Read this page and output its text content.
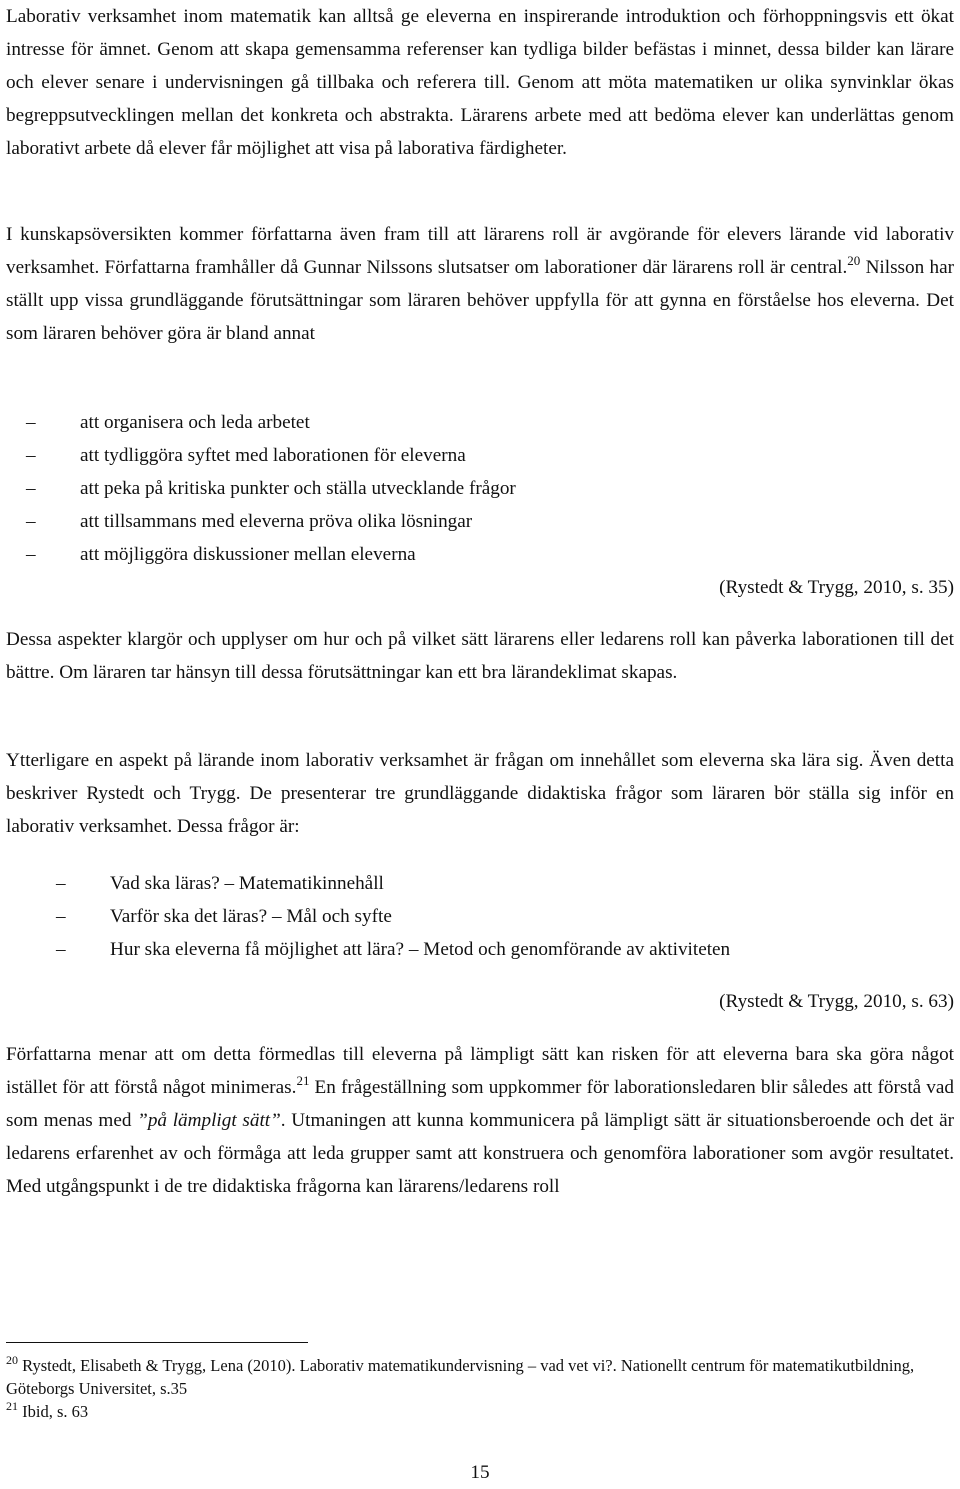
Laborativ verksamhet inom matematik kan alltså ge eleverna en inspirerande introduktion och förhoppningsvis ett ökat intresse för ämnet. Genom att skapa gemensamma referenser kan tydliga bilder befästas i minnet, dessa bilder kan lärare och elever senare i undervisningen gå tillbaka och referera till. Genom att möta matematiken ur olika synvinklar ökas begreppsutvecklingen mellan det konkreta och abstrakta. Lärarens arbete med att bedöma elever kan underlättas genom laborativt arbete då elever får möjlighet att visa på laborativa färdigheter.

I kunskapsöversikten kommer författarna även fram till att lärarens roll är avgörande för elevers lärande vid laborativ verksamhet. Författarna framhåller då Gunnar Nilssons slutsatser om laborationer där lärarens roll är central.$^{20}$ Nilsson har ställt upp vissa grundläggande förutsättningar som läraren behöver uppfylla för att gynna en förståelse hos eleverna. Det som läraren behöver göra är bland annat

– att organisera och leda arbetet
– att tydliggöra syftet med laborationen för eleverna
– att peka på kritiska punkter och ställa utvecklande frågor
– att tillsammans med eleverna pröva olika lösningar
– att möjliggöra diskussioner mellan eleverna
(Rystedt & Trygg, 2010, s. 35)

Dessa aspekter klargör och upplyser om hur och på vilket sätt lärarens eller ledarens roll kan påverka laborationen till det bättre. Om läraren tar hänsyn till dessa förutsättningar kan ett bra lärandeklimat skapas.

Ytterligare en aspekt på lärande inom laborativ verksamhet är frågan om innehållet som eleverna ska lära sig. Även detta beskriver Rystedt och Trygg. De presenterar tre grundläggande didaktiska frågor som läraren bör ställa sig inför en laborativ verksamhet. Dessa frågor är:

– Vad ska läras? – Matematikinnehåll
– Varför ska det läras? – Mål och syfte
– Hur ska eleverna få möjlighet att lära? – Metod och genomförande av aktiviteten
(Rystedt & Trygg, 2010, s. 63)

Författarna menar att om detta förmedlas till eleverna på lämpligt sätt kan risken för att eleverna bara ska göra något istället för att förstå något minimeras.$^{21}$ En frågeställning som uppkommer för laborationsledaren blir således att förstå vad som menas med ”på lämpligt sätt”. Utmaningen att kunna kommunicera på lämpligt sätt är situationsberoende och det är ledarens erfarenhet av och förmåga att leda grupper samt att konstruera och genomföra laborationer som avgör resultatet. Med utgångspunkt i de tre didaktiska frågorna kan lärarens/ledarens roll

$^{20}$ Rystedt, Elisabeth & Trygg, Lena (2010). Laborativ matematikundervisning – vad vet vi?. Nationellt centrum för matematikutbildning, Göteborgs Universitet, s.35

$^{21}$ Ibid, s. 63

15
